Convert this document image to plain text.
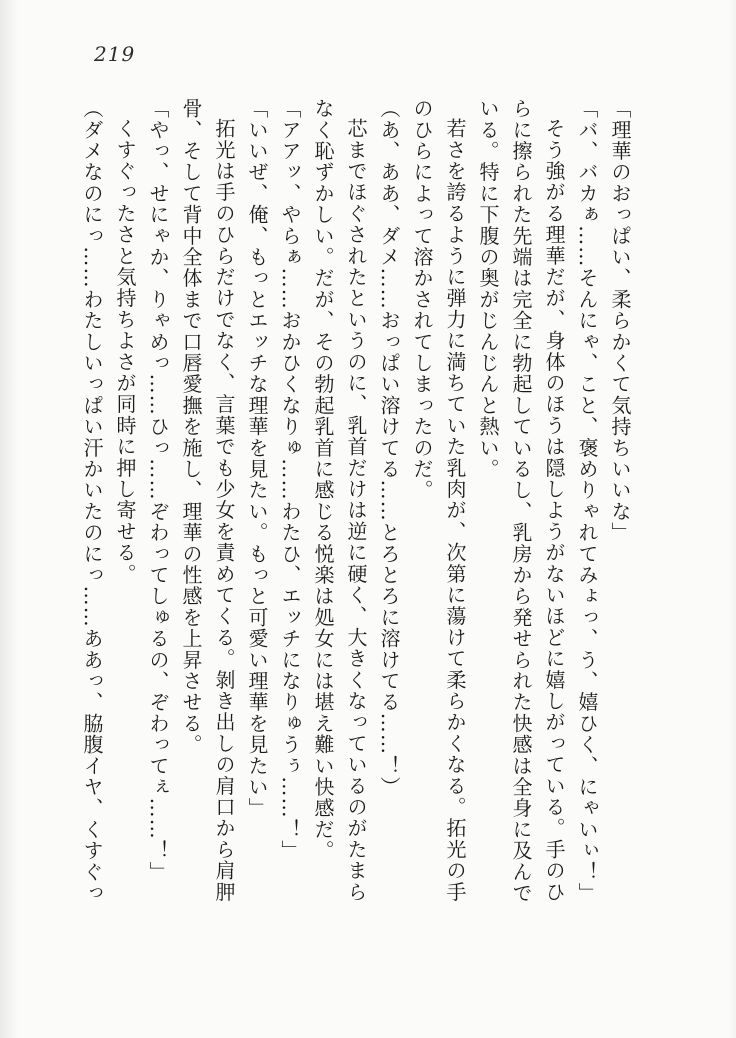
219
「理華のおっぱい、柔らかくて気持ちいいな」
「バ、バカぁ……そんにゃ、こと、褒めりゃれてみょっ、う、嬉ひく、にゃいぃ！」
そう強がる理華だが、身体のほうは隠しようがないほどに嬉しがっている。手のひ
らに擦られた先端は完全に勃起しているし、乳房から発せられた快感は全身に及んで
いる。特に下腹の奥がじんじんと熱い。
若さを誇るように弾力に満ちていた乳肉が、次第に蕩けて柔らかくなる。拓光の手
のひらによって溶かされてしまったのだ。
（あ、ああ、ダメ……おっぱい溶けてる……とろとろに溶けてる……！）
芯までほぐされたというのに、乳首だけは逆に硬く、大きくなっているのがたまら
なく恥ずかしい。だが、その勃起乳首に感じる悦楽は処女には堪え難い快感だ。
「アアッ、やらぁ……おかひくなりゅ……わたひ、エッチになりゅうぅ……！」
「いいぜ、俺、もっとエッチな理華を見たい。もっと可愛い理華を見たい」
拓光は手のひらだけでなく、言葉でも少女を責めてくる。剝き出しの肩口から肩胛
骨、そして背中全体まで口唇愛撫を施し、理華の性感を上昇させる。
「やっ、せにゃか、りゃめっ……ひっ……ぞわってしゅるの、ぞわってぇ……！」
くすぐったさと気持ちよさが同時に押し寄せる。
（ダメなのにっ……わたしいっぱい汗かいたのにっ……ああっ、脇腹イヤ、くすぐっ
